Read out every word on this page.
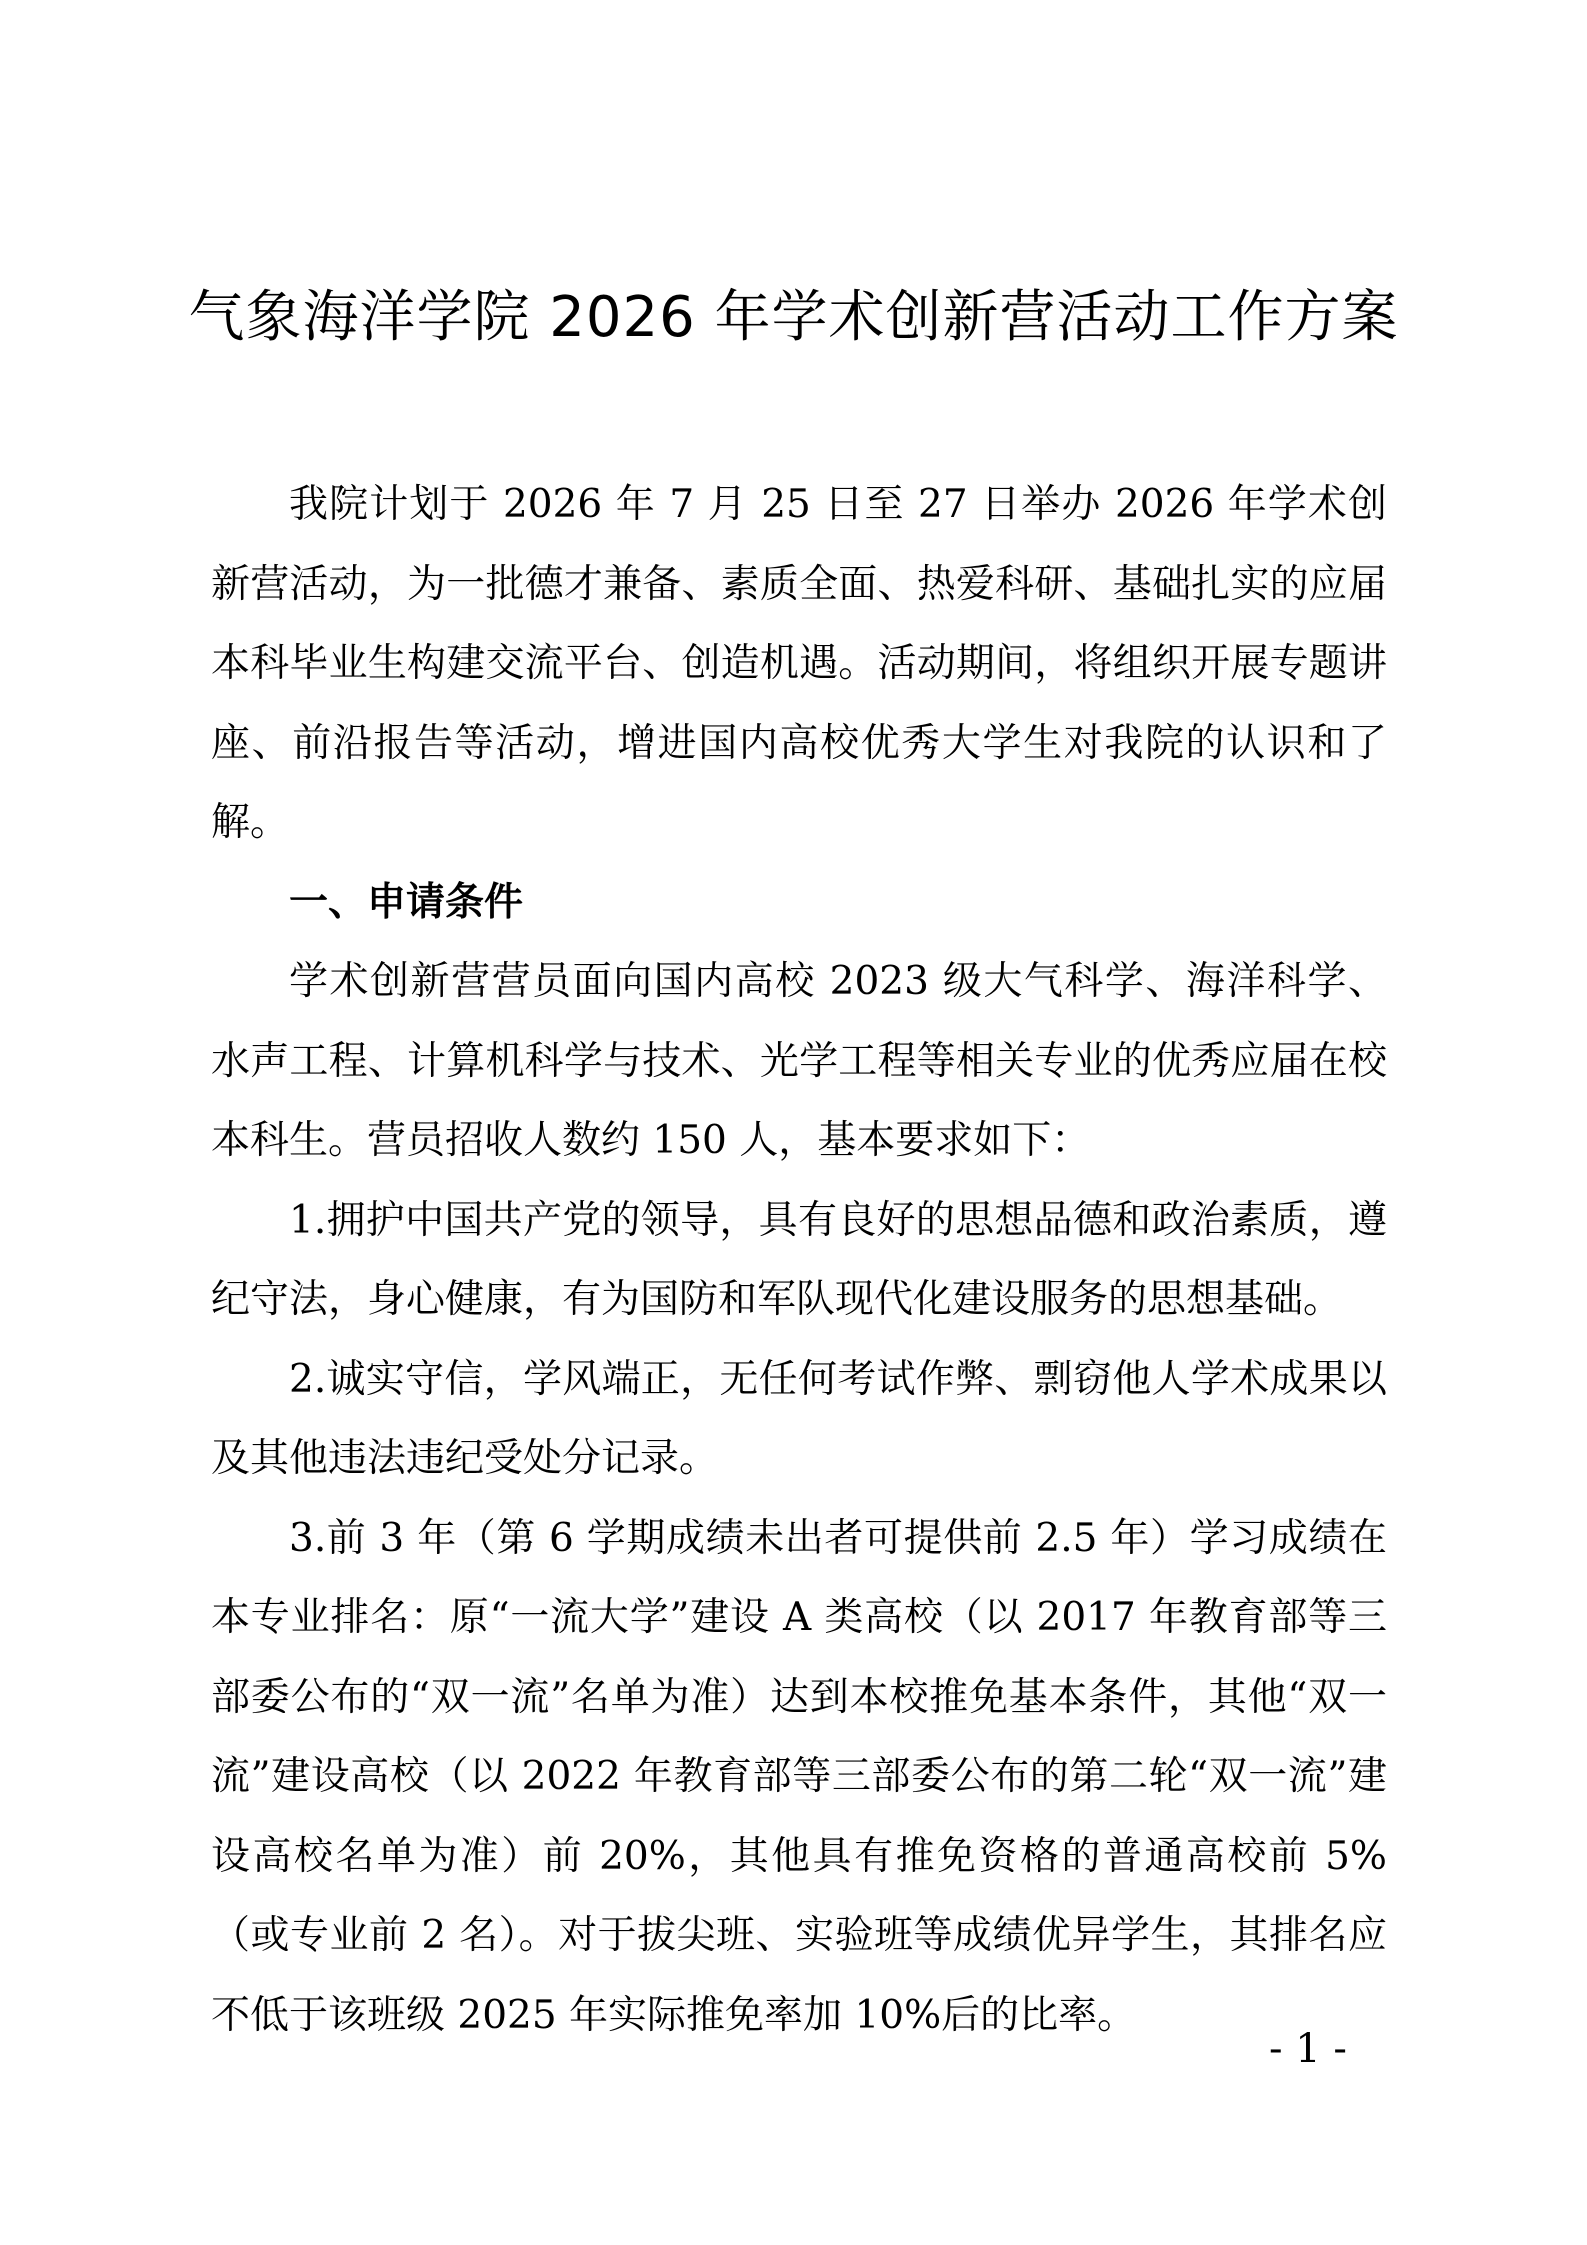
气象海洋学院 2026 年学术创新营活动工作方案

我院计划于 2026 年 7 月 25 日至 27 日举办 2026 年学术创新营活动，为一批德才兼备、素质全面、热爱科研、基础扎实的应届本科毕业生构建交流平台、创造机遇。活动期间，将组织开展专题讲座、前沿报告等活动，增进国内高校优秀大学生对我院的认识和了解。

一、申请条件

学术创新营营员面向国内高校 2023 级大气科学、海洋科学、水声工程、计算机科学与技术、光学工程等相关专业的优秀应届在校本科生。营员招收人数约 150 人，基本要求如下：

1.拥护中国共产党的领导，具有良好的思想品德和政治素质，遵纪守法，身心健康，有为国防和军队现代化建设服务的思想基础。

2.诚实守信，学风端正，无任何考试作弊、剽窃他人学术成果以及其他违法违纪受处分记录。

3.前 3 年（第 6 学期成绩未出者可提供前 2.5 年）学习成绩在本专业排名：原“一流大学”建设 A 类高校（以 2017 年教育部等三部委公布的“双一流”名单为准）达到本校推免基本条件，其他“双一流”建设高校（以 2022 年教育部等三部委公布的第二轮“双一流”建设高校名单为准）前 20%，其他具有推免资格的普通高校前 5%（或专业前 2 名）。对于拔尖班、实验班等成绩优异学生，其排名应不低于该班级 2025 年实际推免率加 10%后的比率。

- 1 -
